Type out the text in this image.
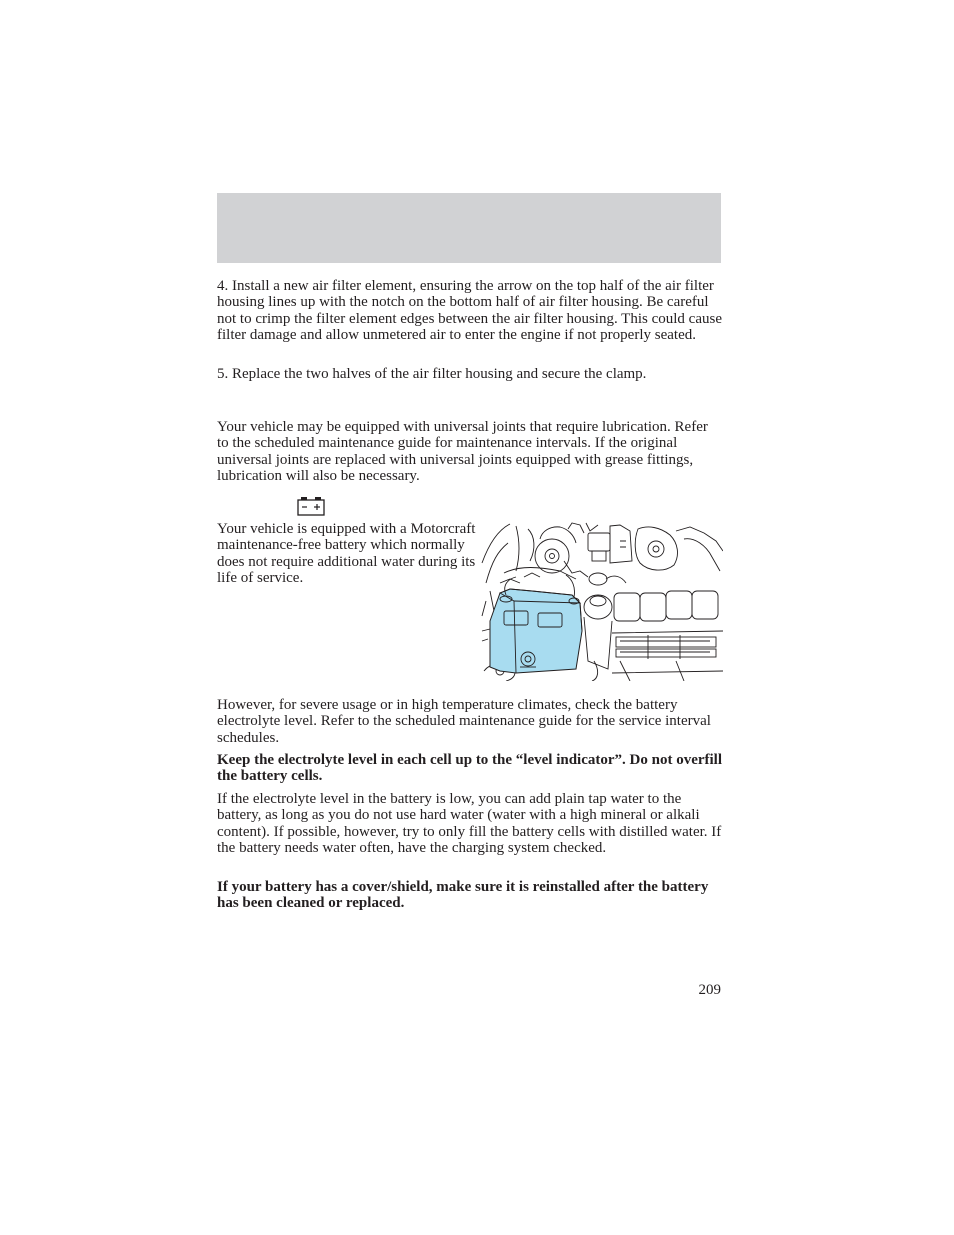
4. Install a new air filter element, ensuring the arrow on the top half of the air filter housing lines up with the notch on the bottom half of air filter housing. Be careful not to crimp the filter element edges between the air filter housing. This could cause filter damage and allow unmetered air to enter the engine if not properly seated.
5. Replace the two halves of the air filter housing and secure the clamp.
Your vehicle may be equipped with universal joints that require lubrication. Refer to the scheduled maintenance guide for maintenance intervals. If the original universal joints are replaced with universal joints equipped with grease fittings, lubrication will also be necessary.
Your vehicle is equipped with a Motorcraft maintenance-free battery which normally does not require additional water during its life of service.
However, for severe usage or in high temperature climates, check the battery electrolyte level. Refer to the scheduled maintenance guide for the service interval schedules.
Keep the electrolyte level in each cell up to the “level indicator”. Do not overfill the battery cells.
If the electrolyte level in the battery is low, you can add plain tap water to the battery, as long as you do not use hard water (water with a high mineral or alkali content). If possible, however, try to only fill the battery cells with distilled water. If the battery needs water often, have the charging system checked.
If your battery has a cover/shield, make sure it is reinstalled after the battery has been cleaned or replaced.
209
